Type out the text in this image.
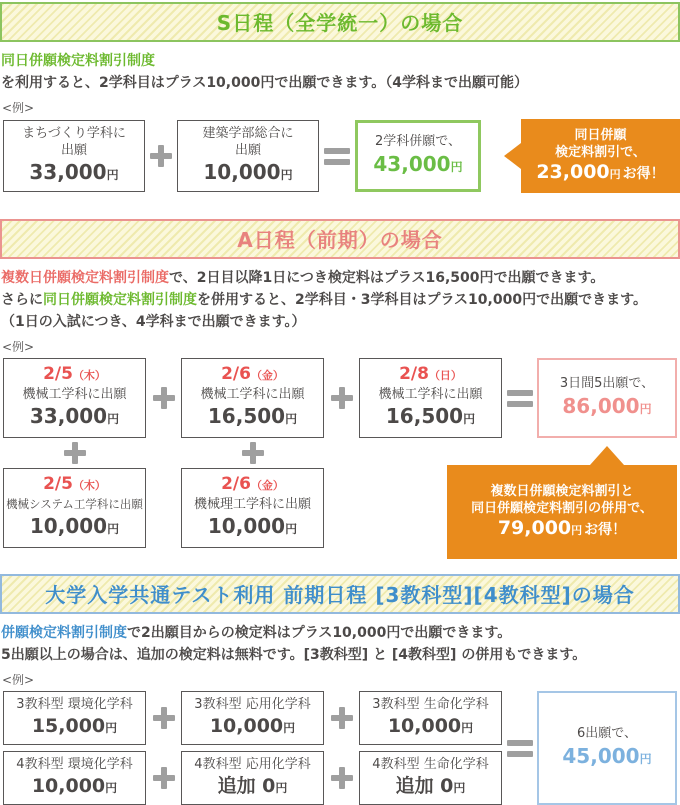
S日程（全学統一）の場合

同日併願検定料割引制度を利用すると、2学科目はプラス10,000円で出願できます。（4学科まで出願可能）

<例>
まちづくり学科に
出願
33,000円
建築学部総合に
出願
10,000円
2学科併願で、
43,000円
同日併願
検定料割引で、
23,000円 お得！
A日程（前期）の場合

複数日併願検定料割引制度で、2日目以降1日につき検定料はプラス16,500円で出願できます。
さらに同日併願検定料割引制度を併用すると、2学科目・3学科目はプラス10,000円で出願できます。
（1日の入試につき、4学科まで出願できます。）

<例>
2/5（木）
機械工学科に出願
33,000円
2/6（金）
機械工学科に出願
16,500円
2/8（日）
機械工学科に出願
16,500円
3日間5出願で、
86,000円
2/5（木）
機械システム工学科に出願
10,000円
2/6（金）
機械理工学科に出願
10,000円
複数日併願検定料割引と
同日併願検定料割引の併用で、
79,000円 お得！
大学入学共通テスト利用 前期日程 [3教科型][4教科型]の場合

併願検定料割引制度で2出願目からの検定料はプラス10,000円で出願できます。
5出願以上の場合は、追加の検定料は無料です。[3教科型] と [4教科型] の併用もできます。

<例>
3教科型 環境化学科
15,000円
3教科型 応用化学科
10,000円
3教科型 生命化学科
10,000円
4教科型 環境化学科
10,000円
4教科型 応用化学科
追加 0円
4教科型 生命化学科
追加 0円
6出願で、
45,000円
